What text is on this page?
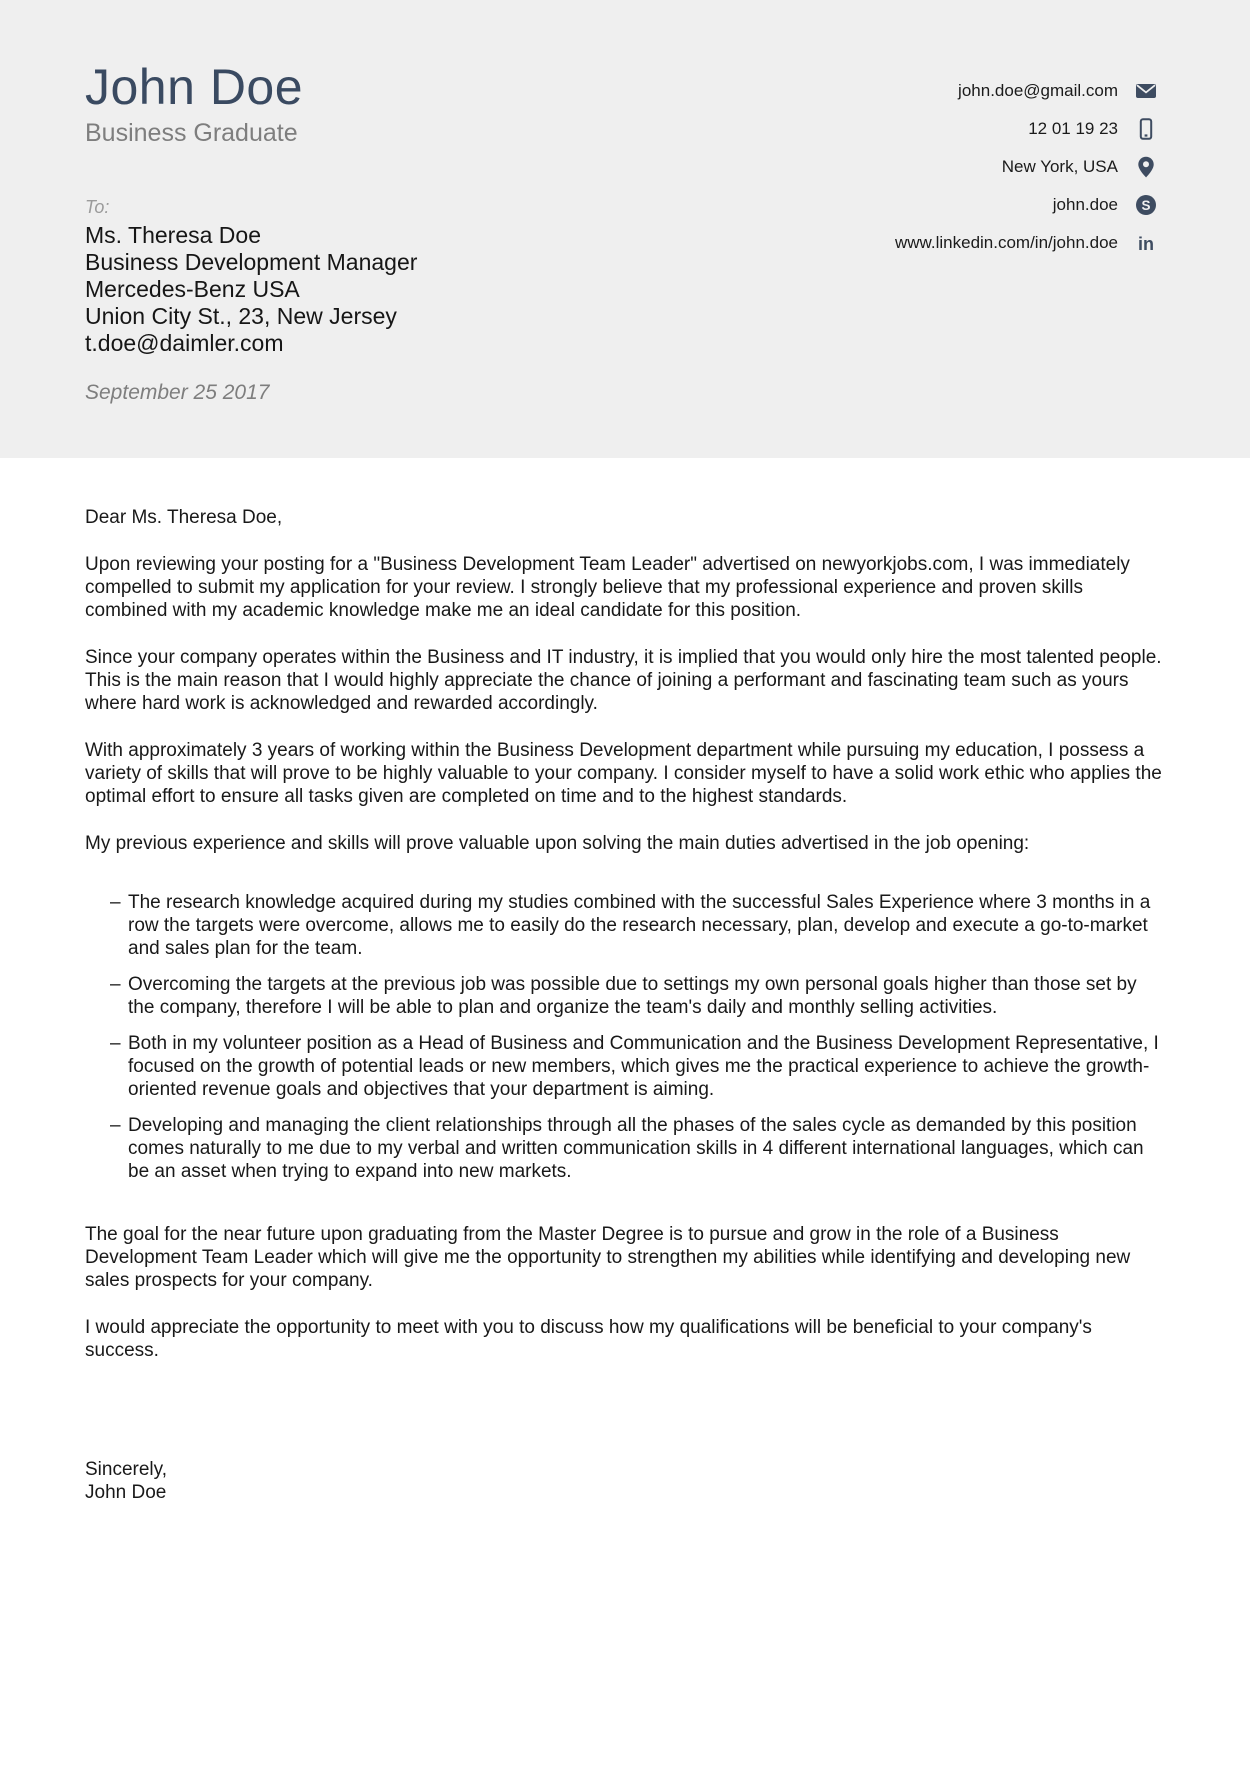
John Doe
Business Graduate
To:
Ms. Theresa Doe
Business Development Manager
Mercedes-Benz USA
Union City St., 23, New Jersey
t.doe@daimler.com
September 25 2017
john.doe@gmail.com
12 01 19 23
New York, USA
john.doe S
www.linkedin.com/in/john.doe in
Dear Ms. Theresa Doe,
Upon reviewing your posting for a "Business Development Team Leader" advertised on newyorkjobs.com, I was immediately compelled to submit my application for your review. I strongly believe that my professional experience and proven skills combined with my academic knowledge make me an ideal candidate for this position.
Since your company operates within the Business and IT industry, it is implied that you would only hire the most talented people. This is the main reason that I would highly appreciate the chance of joining a performant and fascinating team such as yours where hard work is acknowledged and rewarded accordingly.
With approximately 3 years of working within the Business Development department while pursuing my education, I possess a variety of skills that will prove to be highly valuable to your company. I consider myself to have a solid work ethic who applies the optimal effort to ensure all tasks given are completed on time and to the highest standards.
My previous experience and skills will prove valuable upon solving the main duties advertised in the job opening:
– The research knowledge acquired during my studies combined with the successful Sales Experience where 3 months in a row the targets were overcome, allows me to easily do the research necessary, plan, develop and execute a go-to-market and sales plan for the team.
– Overcoming the targets at the previous job was possible due to settings my own personal goals higher than those set by the company, therefore I will be able to plan and organize the team's daily and monthly selling activities.
– Both in my volunteer position as a Head of Business and Communication and the Business Development Representative, I focused on the growth of potential leads or new members, which gives me the practical experience to achieve the growth-oriented revenue goals and objectives that your department is aiming.
– Developing and managing the client relationships through all the phases of the sales cycle as demanded by this position comes naturally to me due to my verbal and written communication skills in 4 different international languages, which can be an asset when trying to expand into new markets.
The goal for the near future upon graduating from the Master Degree is to pursue and grow in the role of a Business Development Team Leader which will give me the opportunity to strengthen my abilities while identifying and developing new sales prospects for your company.
I would appreciate the opportunity to meet with you to discuss how my qualifications will be beneficial to your company's success.
Sincerely,
John Doe
